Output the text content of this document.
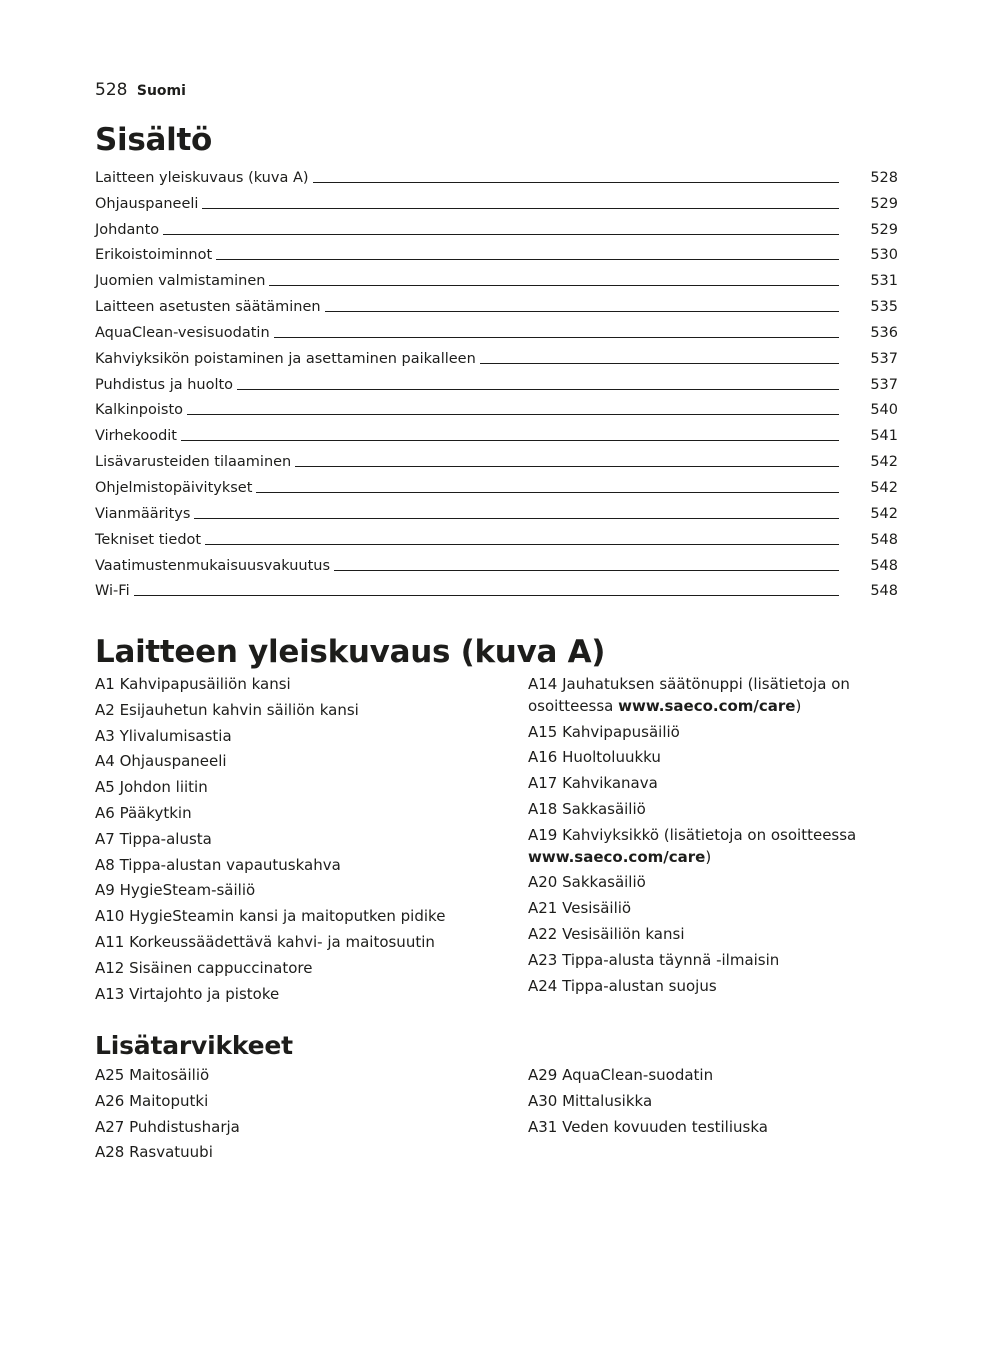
528 Suomi
Sisältö
Laitteen yleiskuvaus (kuva A)	528
Ohjauspaneeli	529
Johdanto	529
Erikoistoiminnot	530
Juomien valmistaminen	531
Laitteen asetusten säätäminen	535
AquaClean-vesisuodatin	536
Kahviyksikön poistaminen ja asettaminen paikalleen	537
Puhdistus ja huolto	537
Kalkinpoisto	540
Virhekoodit	541
Lisävarusteiden tilaaminen	542
Ohjelmistopäivitykset	542
Vianmääritys	542
Tekniset tiedot	548
Vaatimustenmukaisuusvakuutus	548
Wi-Fi	548
Laitteen yleiskuvaus (kuva A)
A1 Kahvipapusäiliön kansi
A2 Esijauhetun kahvin säiliön kansi
A3 Ylivalumisastia
A4 Ohjauspaneeli
A5 Johdon liitin
A6 Pääkytkin
A7 Tippa-alusta
A8 Tippa-alustan vapautuskahva
A9 HygieSteam-säiliö
A10 HygieSteamin kansi ja maitoputken pidike
A11 Korkeussäädettävä kahvi- ja maitosuutin
A12 Sisäinen cappuccinatore
A13 Virtajohto ja pistoke
A14 Jauhatuksen säätönuppi (lisätietoja on osoitteessa www.saeco.com/care)
A15 Kahvipapusäiliö
A16 Huoltoluukku
A17 Kahvikanava
A18 Sakkasäiliö
A19 Kahviyksikkö (lisätietoja on osoitteessa www.saeco.com/care)
A20 Sakkasäiliö
A21 Vesisäiliö
A22 Vesisäiliön kansi
A23 Tippa-alusta täynnä -ilmaisin
A24 Tippa-alustan suojus
Lisätarvikkeet
A25 Maitosäiliö
A26 Maitoputki
A27 Puhdistusharja
A28 Rasvatuubi
A29 AquaClean-suodatin
A30 Mittalusikka
A31 Veden kovuuden testiliuska
